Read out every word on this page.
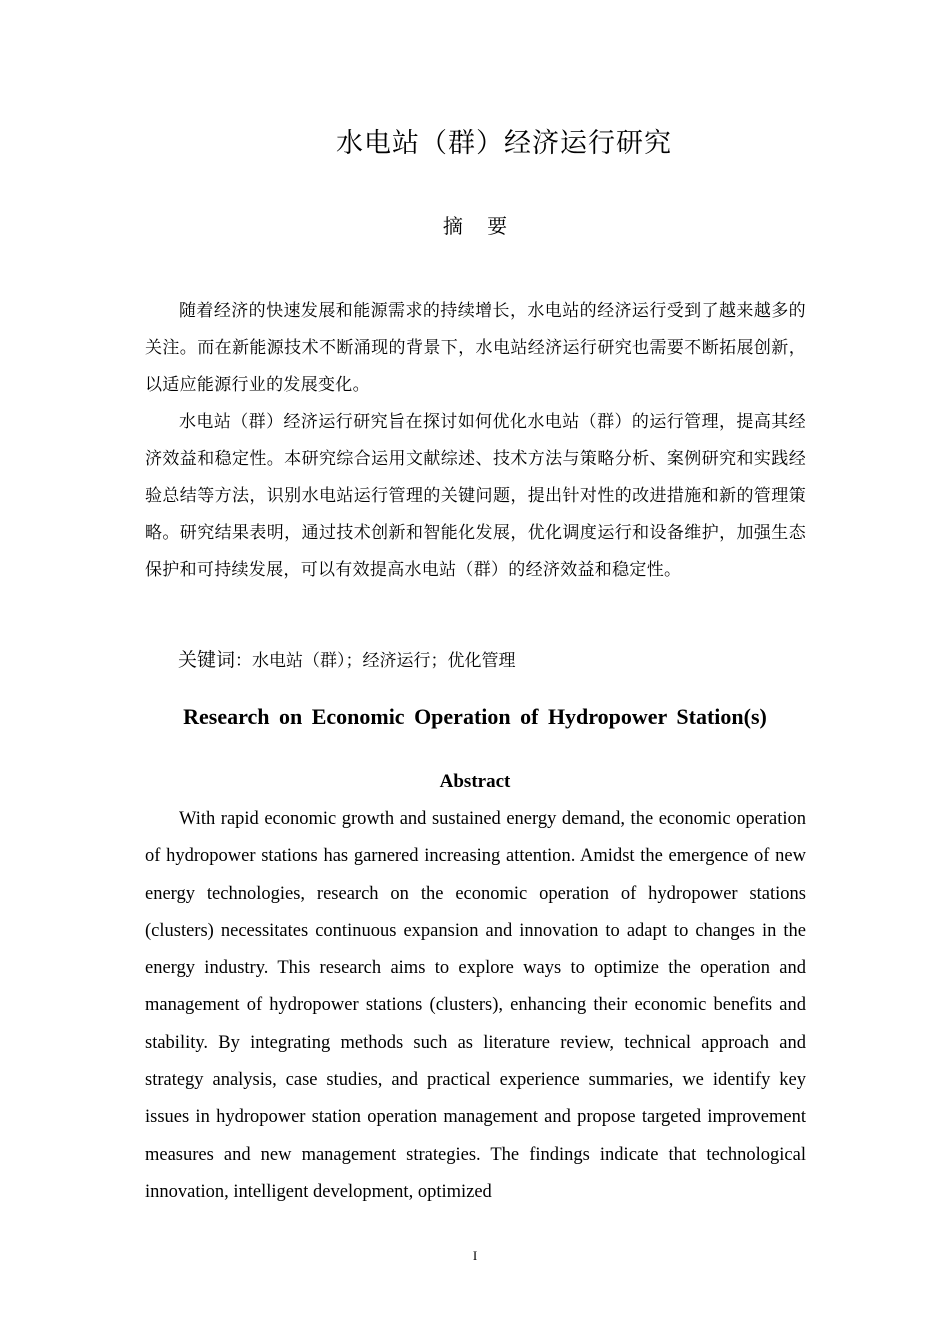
水电站（群）经济运行研究
摘 要

随着经济的快速发展和能源需求的持续增长，水电站的经济运行受到了越来越多的关注。而在新能源技术不断涌现的背景下，水电站经济运行研究也需要不断拓展创新，以适应能源行业的发展变化。

水电站（群）经济运行研究旨在探讨如何优化水电站（群）的运行管理，提高其经济效益和稳定性。本研究综合运用文献综述、技术方法与策略分析、案例研究和实践经验总结等方法，识别水电站运行管理的关键问题，提出针对性的改进措施和新的管理策略。研究结果表明，通过技术创新和智能化发展，优化调度运行和设备维护，加强生态保护和可持续发展，可以有效提高水电站（群）的经济效益和稳定性。

关键词：水电站（群）；经济运行；优化管理

Research on Economic Operation of Hydropower Station(s)
Abstract

With rapid economic growth and sustained energy demand, the economic operation of hydropower stations has garnered increasing attention. Amidst the emergence of new energy technologies, research on the economic operation of hydropower stations (clusters) necessitates continuous expansion and innovation to adapt to changes in the energy industry. This research aims to explore ways to optimize the operation and management of hydropower stations (clusters), enhancing their economic benefits and stability. By integrating methods such as literature review, technical approach and strategy analysis, case studies, and practical experience summaries, we identify key issues in hydropower station operation management and propose targeted improvement measures and new management strategies. The findings indicate that technological innovation, intelligent development, optimized

I
